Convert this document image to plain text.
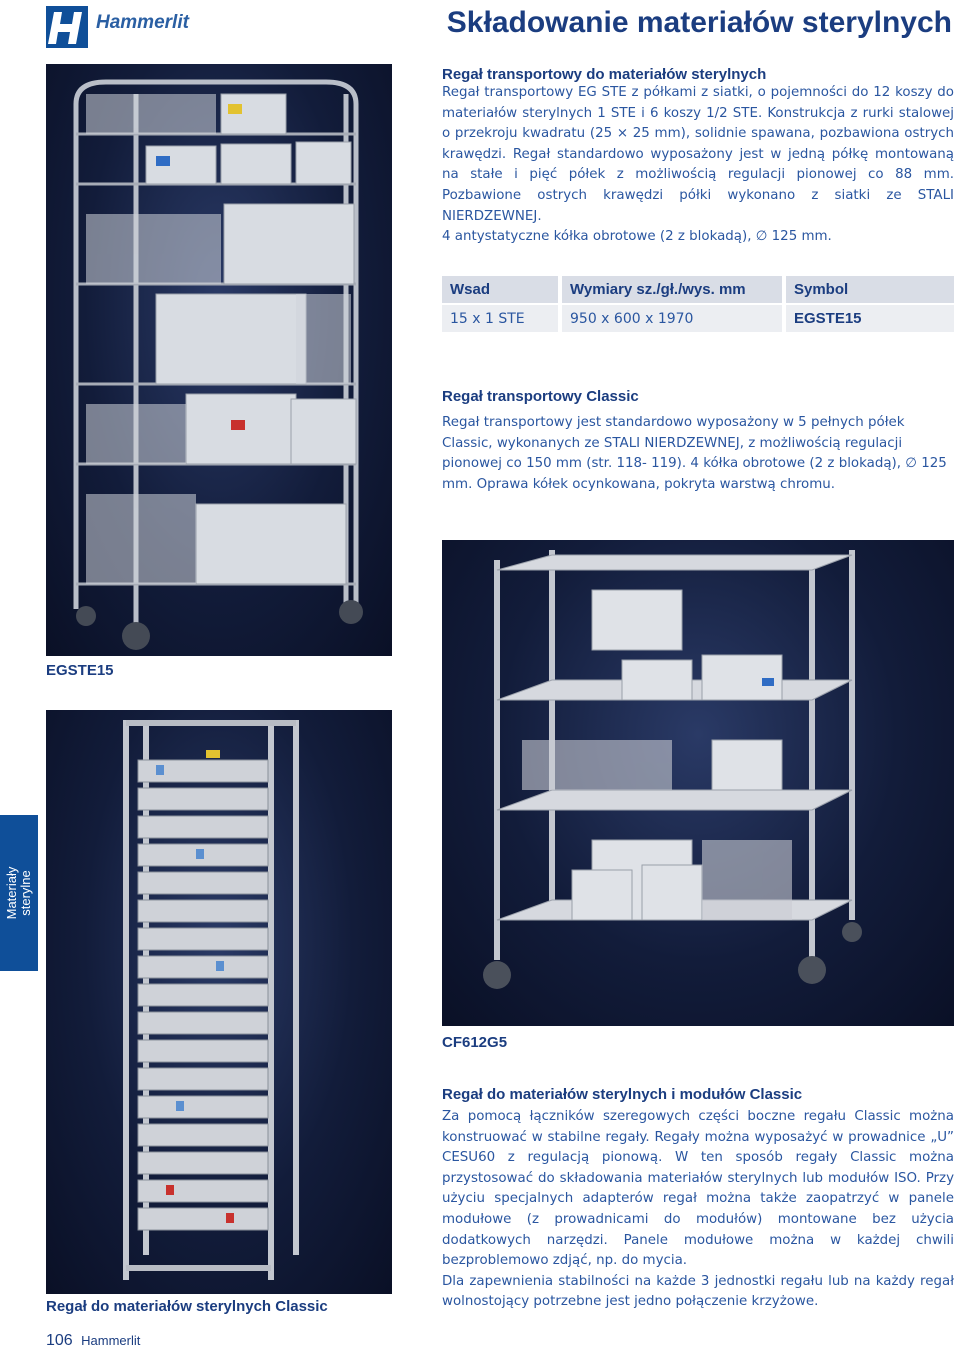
Hammerlit	Składowanie materiałów sterylnych
Regał transportowy do materiałów sterylnych

Regał transportowy EG STE z półkami z siatki, o pojemności do 12 koszy do materiałów sterylnych 1 STE i 6 koszy 1/2 STE. Konstrukcja z rurki stalowej o przekroju kwadratu (25 × 25 mm), solidnie spawana, pozbawiona ostrych krawędzi. Regał standardowo wyposażony jest w jedną półkę montowaną na stałe i pięć półek z możliwością regulacji pionowej co 88 mm. Pozbawione ostrych krawędzi półki wykonano z siatki ze STALI NIERDZEWNEJ.

4 antystatyczne kółka obrotowe (2 z blokadą), ∅ 125 mm.

Wsad	Wymiary sz./gł./wys. mm	Symbol
15 x 1 STE	950 x 600 x 1970	EGSTE15
Regał transportowy Classic

Regał transportowy jest standardowo wyposażony w 5 pełnych półek Classic, wykonanych ze STALI NIERDZEWNEJ, z możliwością regulacji pionowej co 150 mm (str. 118- 119). 4 kółka obrotowe (2 z blokadą), ∅ 125 mm. Oprawa kółek ocynkowana, pokryta warstwą chromu.

EGSTE15
CF612G5
Materiały sterylne
Regał do materiałów sterylnych i modułów Classic

Za pomocą łączników szeregowych części boczne regału Classic można konstruować w stabilne regały. Regały można wyposażyć w prowadnice „U” CESU60 z regulacją pionową. W ten sposób regały Classic można przystosować do składowania materiałów sterylnych lub modułów ISO. Przy użyciu specjalnych adapterów regał można także zaopatrzyć w panele modułowe (z prowadnicami do modułów) montowane bez użycia dodatkowych narzędzi. Panele modułowe można w każdej chwili bezproblemowo zdjąć, np. do mycia.

Dla zapewnienia stabilności na każde 3 jednostki regału lub na każdy regał wolnostojący potrzebne jest jedno połączenie krzyżowe.

Regał do materiałów sterylnych Classic
106 Hammerlit
